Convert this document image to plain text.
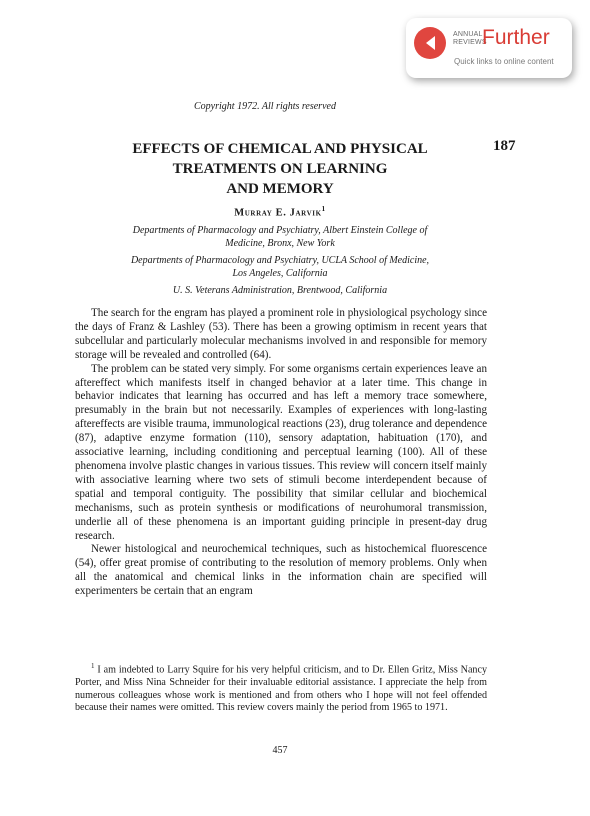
ANNUAL
REVIEWS
Further
Quick links to online content
Copyright 1972. All rights reserved
187
EFFECTS OF CHEMICAL AND PHYSICAL
TREATMENTS ON LEARNING
AND MEMORY
Murray E. Jarvik$^1$
Departments of Pharmacology and Psychiatry, Albert Einstein College of
Medicine, Bronx, New York
Departments of Pharmacology and Psychiatry, UCLA School of Medicine,
Los Angeles, California
U. S. Veterans Administration, Brentwood, California

The search for the engram has played a prominent role in physiological psychology since the days of Franz & Lashley (53). There has been a growing optimism in recent years that subcellular and particularly molecular mechanisms involved in and responsible for memory storage will be revealed and controlled (64).

The problem can be stated very simply. For some organisms certain experiences leave an aftereffect which manifests itself in changed behavior at a later time. This change in behavior indicates that learning has occurred and has left a memory trace somewhere, presumably in the brain but not necessarily. Examples of experiences with long-lasting aftereffects are visible trauma, immunological reactions (23), drug tolerance and dependence (87), adaptive enzyme formation (110), sensory adaptation, habituation (170), and associative learning, including conditioning and perceptual learning (100). All of these phenomena involve plastic changes in various tissues. This review will concern itself mainly with associative learning where two sets of stimuli become interdependent because of spatial and temporal contiguity. The possibility that similar cellular and biochemical mechanisms, such as protein synthesis or modifications of neurohumoral transmission, underlie all of these phenomena is an important guiding principle in present-day drug research.

Newer histological and neurochemical techniques, such as histochemical fluorescence (54), offer great promise of contributing to the resolution of memory problems. Only when all the anatomical and chemical links in the information chain are specified will experimenters be certain that an engram

$^1$ I am indebted to Larry Squire for his very helpful criticism, and to Dr. Ellen Gritz, Miss Nancy Porter, and Miss Nina Schneider for their invaluable editorial assistance. I appreciate the help from numerous colleagues whose work is mentioned and from others who I hope will not feel offended because their names were omitted. This review covers mainly the period from 1965 to 1971.

457
